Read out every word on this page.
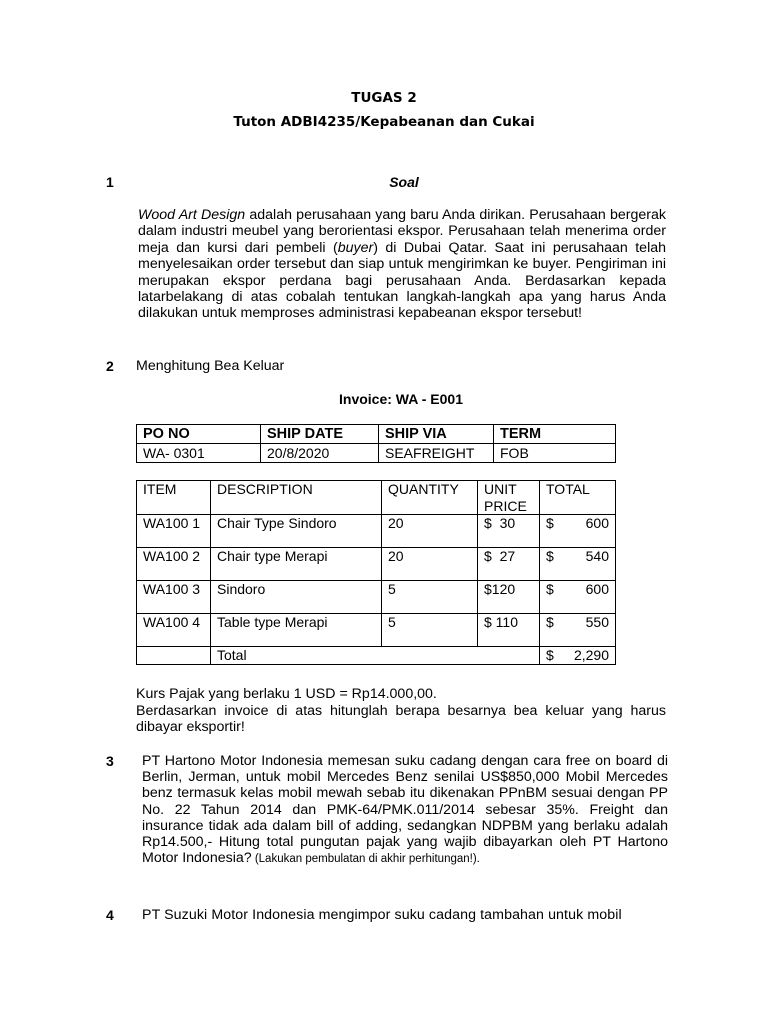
TUGAS 2
Tuton ADBI4235/Kepabeanan dan Cukai
1	Soal

Wood Art Design adalah perusahaan yang baru Anda dirikan. Perusahaan bergerak dalam industri meubel yang berorientasi ekspor. Perusahaan telah menerima order meja dan kursi dari pembeli (buyer) di Dubai Qatar. Saat ini perusahaan telah menyelesaikan order tersebut dan siap untuk mengirimkan ke buyer. Pengiriman ini merupakan ekspor perdana bagi perusahaan Anda. Berdasarkan kepada latarbelakang di atas cobalah tentukan langkah-langkah apa yang harus Anda dilakukan untuk memproses administrasi kepabeanan ekspor tersebut!

2 Menghitung Bea Keluar
Invoice: WA - E001
PO NO	SHIP DATE	SHIP VIA	TERM
WA- 0301	20/8/2020	SEAFREIGHT	FOB
ITEM	DESCRIPTION	QUANTITY	UNIT PRICE	TOTAL
WA100 1	Chair Type Sindoro	20	$  30	$ 600

WA100 2	Chair type Merapi	20	$  27	$ 540

WA100 3	Sindoro	5	$120	$ 600

WA100 4	Table type Merapi	5	$ 110	$ 550

	Total			$ 2,290
Kurs Pajak yang berlaku 1 USD = Rp14.000,00.

Berdasarkan invoice di atas hitunglah berapa besarnya bea keluar yang harus dibayar eksportir!

3 PT Hartono Motor Indonesia memesan suku cadang dengan cara free on board di Berlin, Jerman, untuk mobil Mercedes Benz senilai US$850,000 Mobil Mercedes benz termasuk kelas mobil mewah sebab itu dikenakan PPnBM sesuai dengan PP No. 22 Tahun 2014 dan PMK-64/PMK.011/2014 sebesar 35%. Freight dan insurance tidak ada dalam bill of adding, sedangkan NDPBM yang berlaku adalah Rp14.500,- Hitung total pungutan pajak yang wajib dibayarkan oleh PT Hartono Motor Indonesia? (Lakukan pembulatan di akhir perhitungan!).

4 PT Suzuki Motor Indonesia mengimpor suku cadang tambahan untuk mobil
